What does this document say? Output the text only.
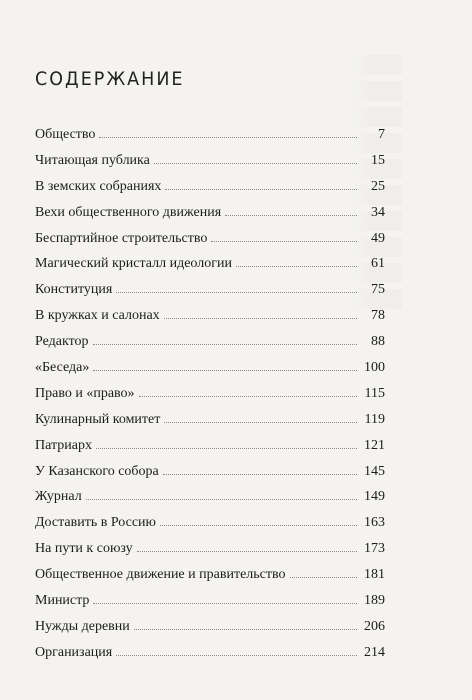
СОДЕРЖАНИЕ
Общество	7
Читающая публика	15
В земских собраниях	25
Вехи общественного движения	34
Беспартийное строительство	49
Магический кристалл идеологии	61
Конституция	75
В кружках и салонах	78
Редактор	88
«Беседа»	100
Право и «право»	115
Кулинарный комитет	119
Патриарх	121
У Казанского собора	145
Журнал	149
Доставить в Россию	163
На пути к союзу	173
Общественное движение и правительство	181
Министр	189
Нужды деревни	206
Организация	214
